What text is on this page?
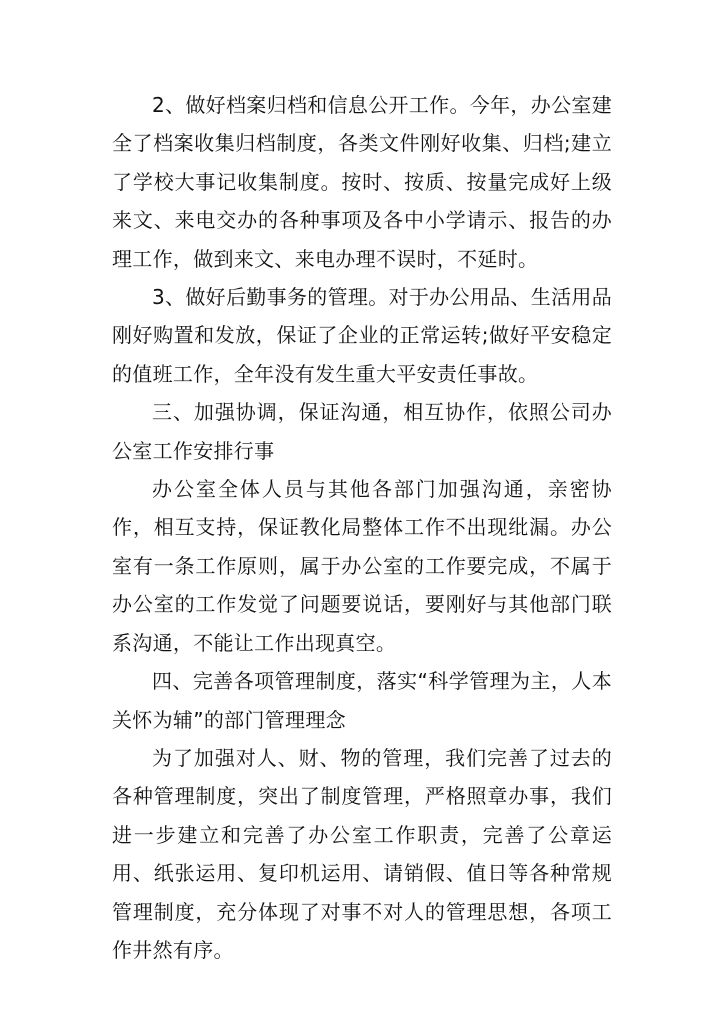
2、做好档案归档和信息公开工作。今年，办公室建全了档案收集归档制度，各类文件刚好收集、归档;建立了学校大事记收集制度。按时、按质、按量完成好上级来文、来电交办的各种事项及各中小学请示、报告的办理工作，做到来文、来电办理不误时，不延时。

3、做好后勤事务的管理。对于办公用品、生活用品刚好购置和发放，保证了企业的正常运转;做好平安稳定的值班工作，全年没有发生重大平安责任事故。

三、加强协调，保证沟通，相互协作，依照公司办公室工作安排行事

办公室全体人员与其他各部门加强沟通，亲密协作，相互支持，保证教化局整体工作不出现纰漏。办公室有一条工作原则，属于办公室的工作要完成，不属于办公室的工作发觉了问题要说话，要刚好与其他部门联系沟通，不能让工作出现真空。

四、完善各项管理制度，落实“科学管理为主，人本关怀为辅”的部门管理理念

为了加强对人、财、物的管理，我们完善了过去的各种管理制度，突出了制度管理，严格照章办事，我们进一步建立和完善了办公室工作职责，完善了公章运用、纸张运用、复印机运用、请销假、值日等各种常规管理制度，充分体现了对事不对人的管理思想，各项工作井然有序。
